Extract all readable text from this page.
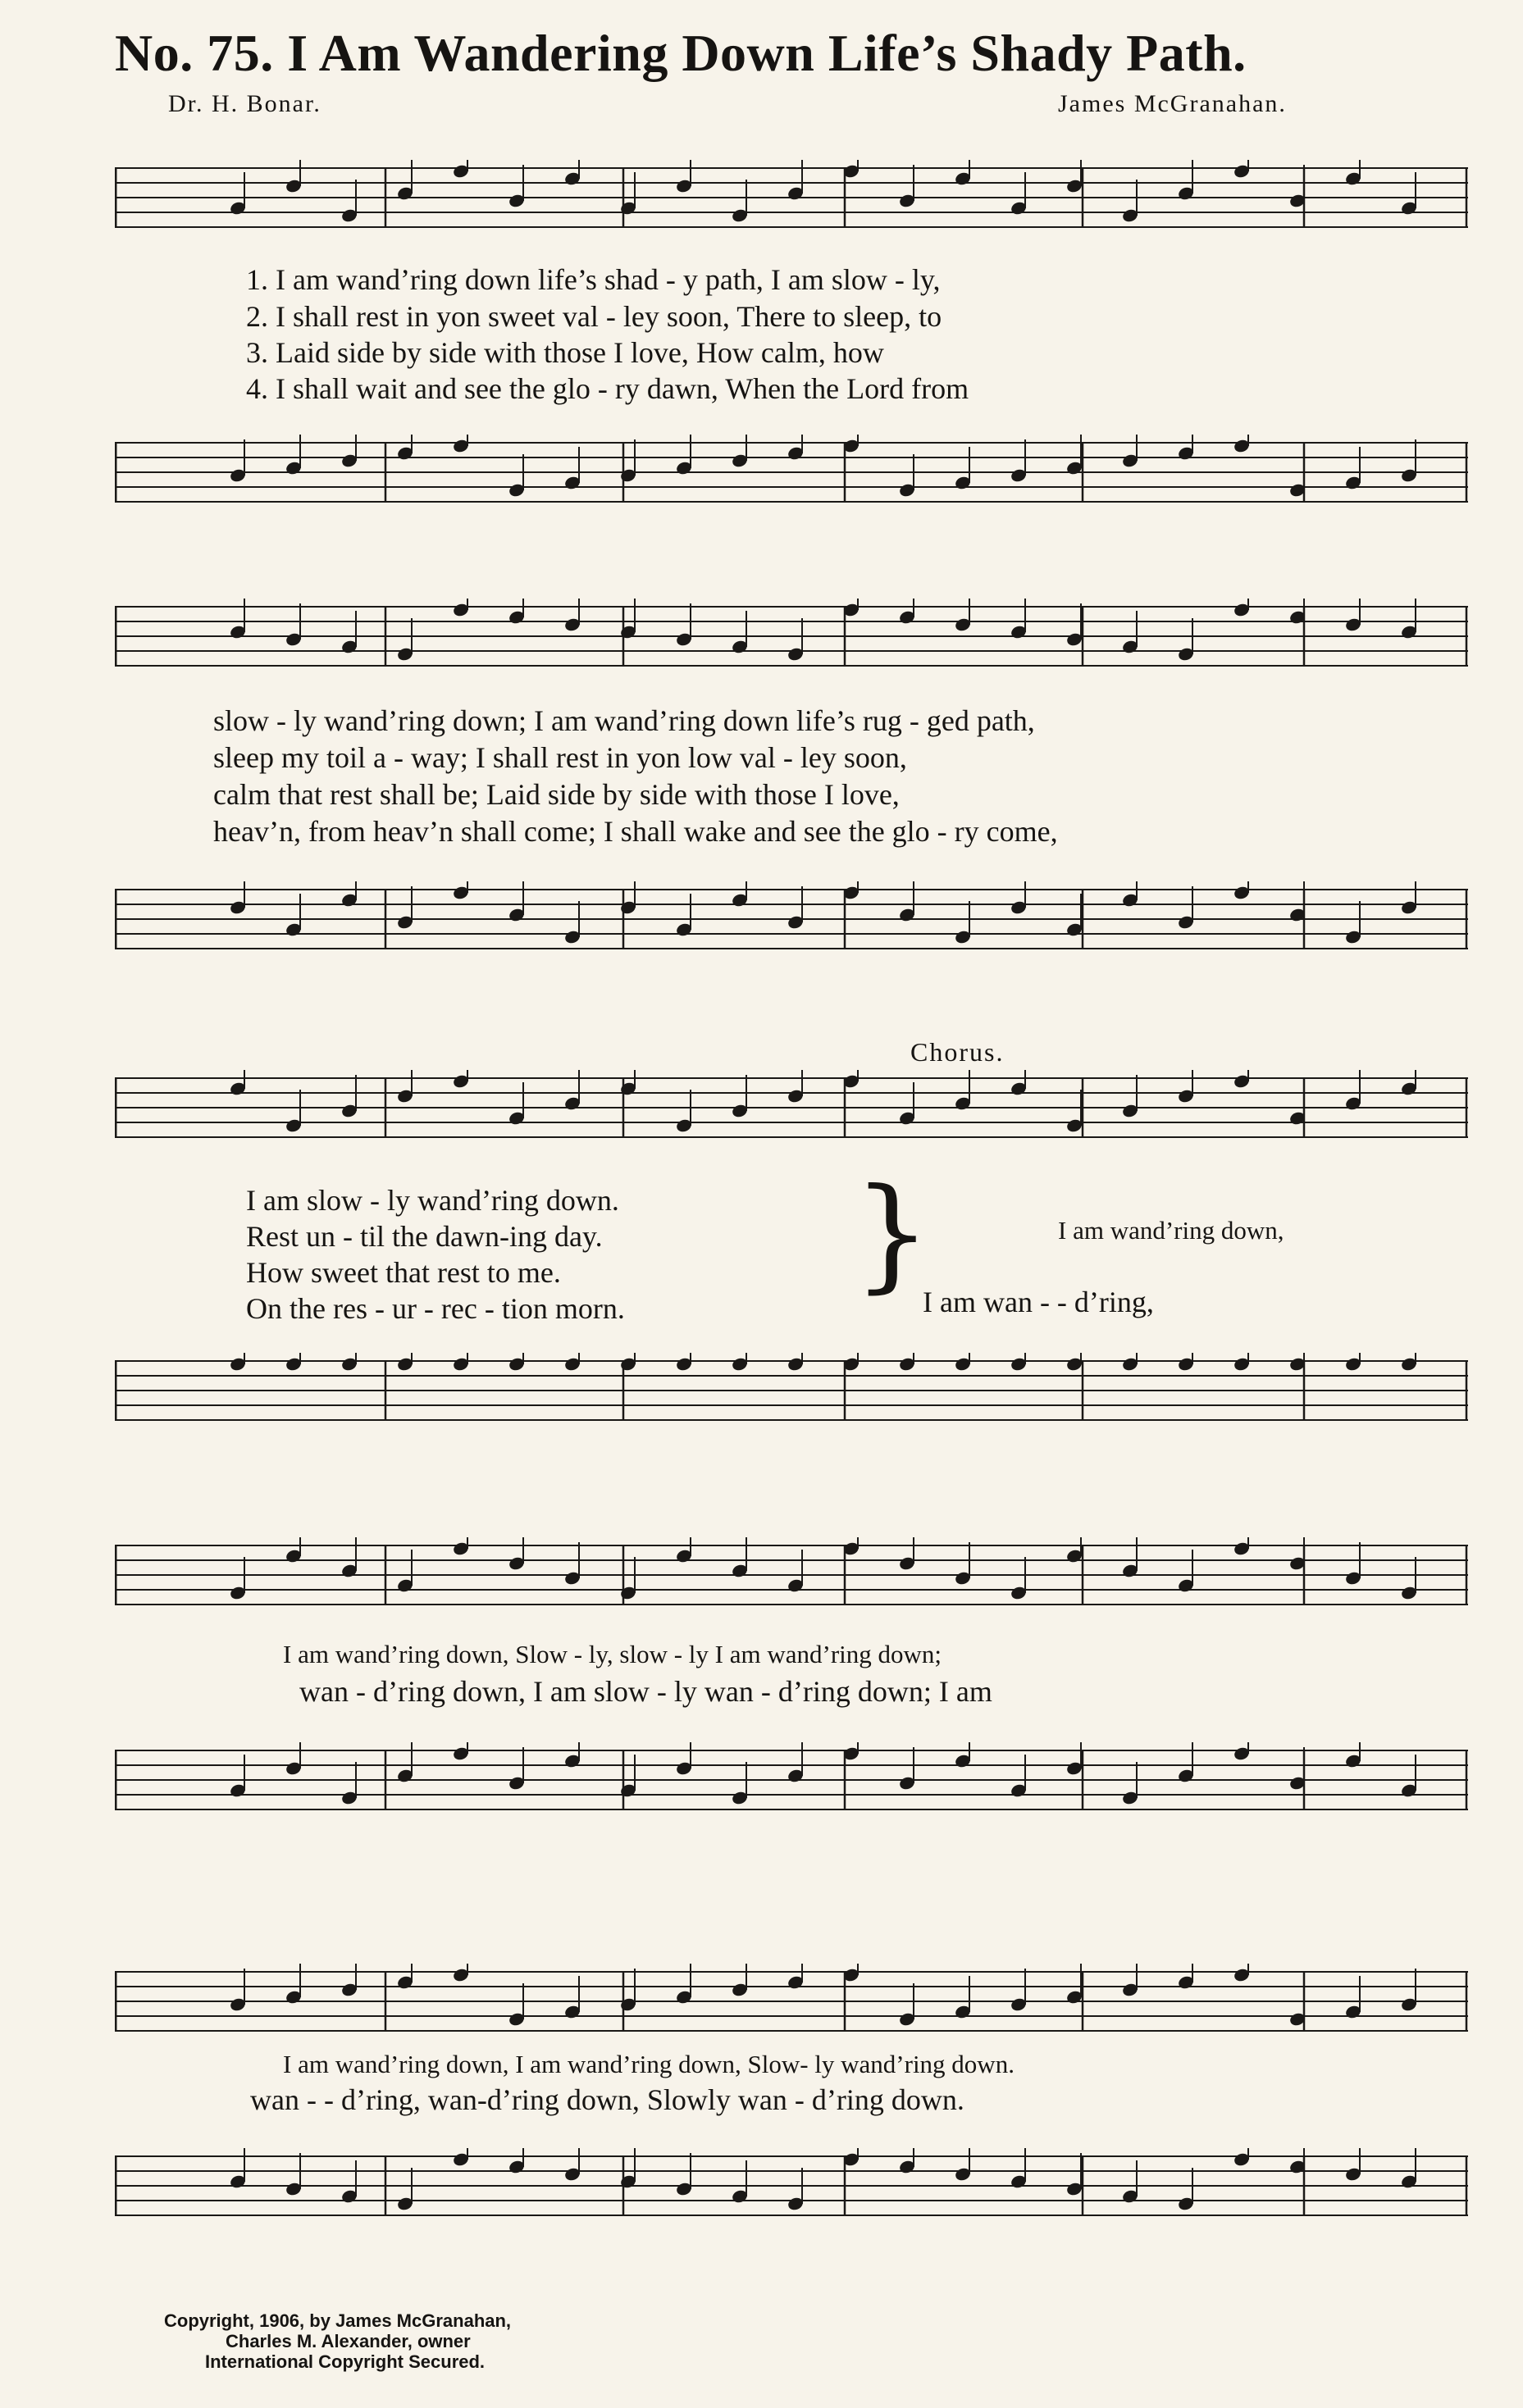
No. 75. I Am Wandering Down Life’s Shady Path.
Dr. H. Bonar.	James McGranahan.
1. I am wand’ring down life’s shad - y path, I am slow - ly,
2. I shall rest in yon sweet val - ley soon, There to sleep, to
3. Laid side by side with those I love, How calm, how
4. I shall wait and see the glo - ry dawn, When the Lord from
slow - ly wand’ring down; I am wand’ring down life’s rug - ged path,
sleep my toil a - way; I shall rest in yon low val - ley soon,
calm that rest shall be; Laid side by side with those I love,
heav’n, from heav’n shall come; I shall wake and see the glo - ry come,
Chorus.
I am slow - ly wand’ring down.
Rest un - til the dawn-ing day.
How sweet that rest to me.
On the res - ur - rec - tion morn.
}	I am wand’ring down,
I am wan - - d’ring,
I am wand’ring down, Slow - ly, slow - ly I am wand’ring down;
wan - d’ring down, I am slow - ly wan - d’ring down; I am
I am wand’ring down, I am wand’ring down, Slow- ly wand’ring down.
wan - - d’ring, wan-d’ring down, Slowly wan - d’ring down.
Copyright, 1906, by James McGranahan,
Charles M. Alexander, owner
International Copyright Secured.
